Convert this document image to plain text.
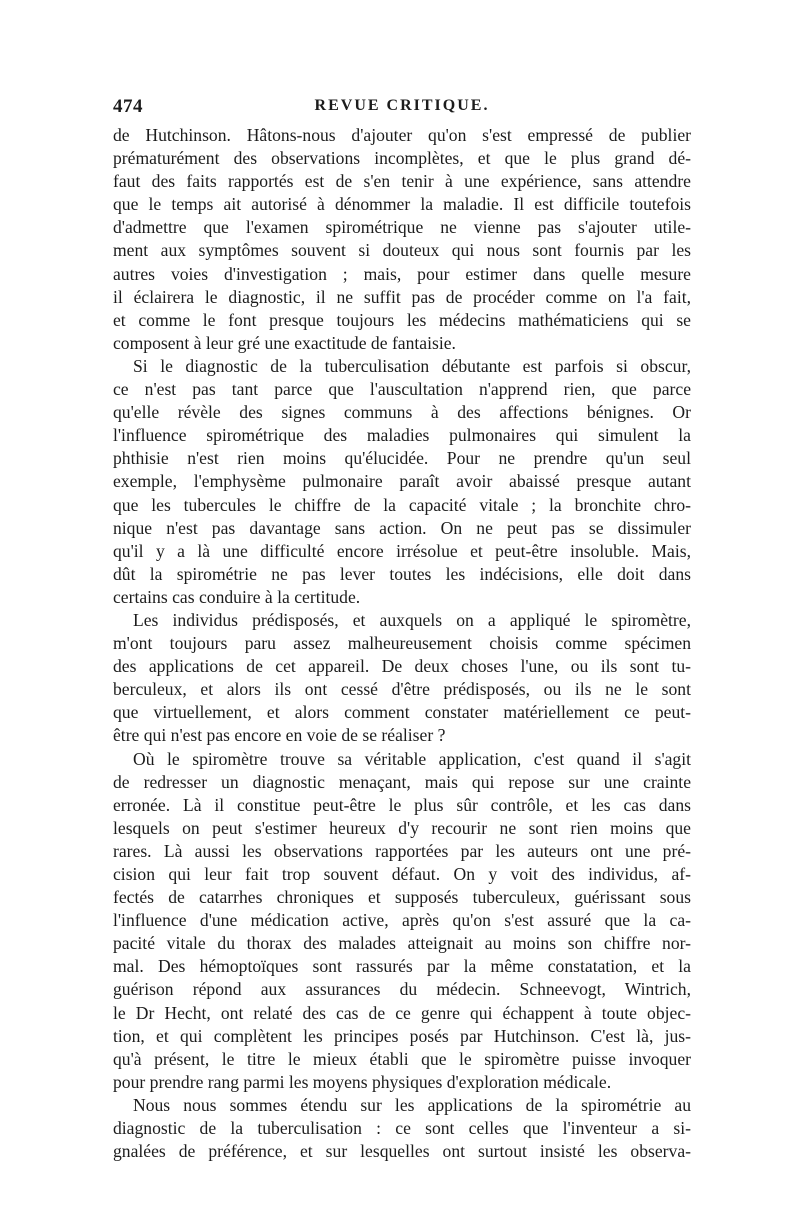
474	REVUE CRITIQUE.
de Hutchinson. Hâtons-nous d'ajouter qu'on s'est empressé de publier
prématurément des observations incomplètes, et que le plus grand dé-
faut des faits rapportés est de s'en tenir à une expérience, sans attendre
que le temps ait autorisé à dénommer la maladie. Il est difficile toutefois
d'admettre que l'examen spirométrique ne vienne pas s'ajouter utile-
ment aux symptômes souvent si douteux qui nous sont fournis par les
autres voies d'investigation ; mais, pour estimer dans quelle mesure
il éclairera le diagnostic, il ne suffit pas de procéder comme on l'a fait,
et comme le font presque toujours les médecins mathématiciens qui se
composent à leur gré une exactitude de fantaisie.
Si le diagnostic de la tuberculisation débutante est parfois si obscur,
ce n'est pas tant parce que l'auscultation n'apprend rien, que parce
qu'elle révèle des signes communs à des affections bénignes. Or
l'influence spirométrique des maladies pulmonaires qui simulent la
phthisie n'est rien moins qu'élucidée. Pour ne prendre qu'un seul
exemple, l'emphysème pulmonaire paraît avoir abaissé presque autant
que les tubercules le chiffre de la capacité vitale ; la bronchite chro-
nique n'est pas davantage sans action. On ne peut pas se dissimuler
qu'il y a là une difficulté encore irrésolue et peut-être insoluble. Mais,
dût la spirométrie ne pas lever toutes les indécisions, elle doit dans
certains cas conduire à la certitude.
Les individus prédisposés, et auxquels on a appliqué le spiromètre,
m'ont toujours paru assez malheureusement choisis comme spécimen
des applications de cet appareil. De deux choses l'une, ou ils sont tu-
berculeux, et alors ils ont cessé d'être prédisposés, ou ils ne le sont
que virtuellement, et alors comment constater matériellement ce peut-
être qui n'est pas encore en voie de se réaliser ?
Où le spiromètre trouve sa véritable application, c'est quand il s'agit
de redresser un diagnostic menaçant, mais qui repose sur une crainte
erronée. Là il constitue peut-être le plus sûr contrôle, et les cas dans
lesquels on peut s'estimer heureux d'y recourir ne sont rien moins que
rares. Là aussi les observations rapportées par les auteurs ont une pré-
cision qui leur fait trop souvent défaut. On y voit des individus, af-
fectés de catarrhes chroniques et supposés tuberculeux, guérissant sous
l'influence d'une médication active, après qu'on s'est assuré que la ca-
pacité vitale du thorax des malades atteignait au moins son chiffre nor-
mal. Des hémoptoïques sont rassurés par la même constatation, et la
guérison répond aux assurances du médecin. Schneevogt, Wintrich,
le Dr Hecht, ont relaté des cas de ce genre qui échappent à toute objec-
tion, et qui complètent les principes posés par Hutchinson. C'est là, jus-
qu'à présent, le titre le mieux établi que le spiromètre puisse invoquer
pour prendre rang parmi les moyens physiques d'exploration médicale.
Nous nous sommes étendu sur les applications de la spirométrie au
diagnostic de la tuberculisation : ce sont celles que l'inventeur a si-
gnalées de préférence, et sur lesquelles ont surtout insisté les observa-
